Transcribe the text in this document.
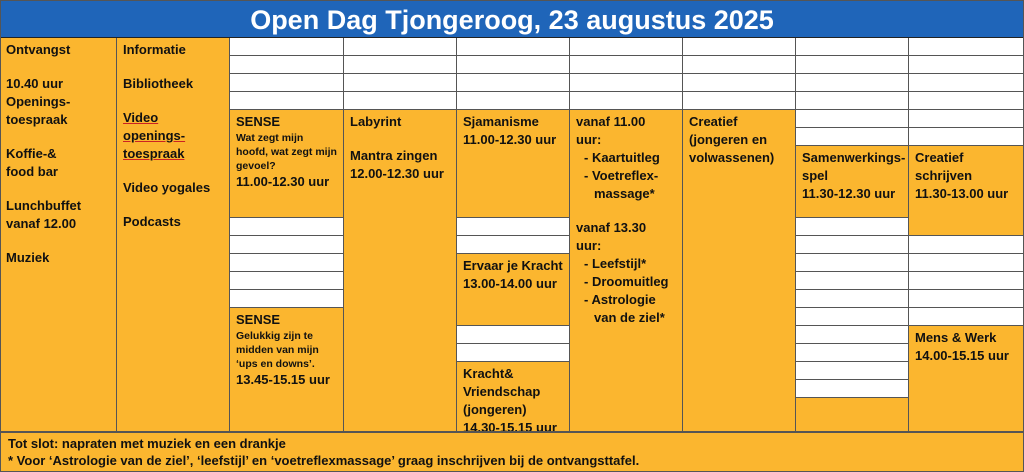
Open Dag Tjongeroog, 23 augustus 2025
Ontvangst
10.40 uur
Openings-
toespraak
Koffie-&
food bar
Lunchbuffet
vanaf 12.00
Muziek
Informatie
Bibliotheek
Video openings-
toespraak
Video yogales
Podcasts
SENSE
Wat zegt mijn
hoofd, wat zegt mijn
gevoel?
11.00-12.30 uur
SENSE
Gelukkig zijn te
midden van mijn
‘ups en downs’.
13.45-15.15 uur
Labyrint
Mantra zingen
12.00-12.30 uur
Sjamanisme
11.00-12.30 uur
Ervaar je Kracht
13.00-14.00 uur
Kracht&
Vriendschap
(jongeren)
14.30-15.15 uur
vanaf 11.00
uur:
- Kaartuitleg
- Voetreflex-
massage*
vanaf 13.30
uur:
- Leefstijl*
- Droomuitleg
- Astrologie
van de ziel*
Creatief
(jongeren en
volwassenen)	Samenwerkings-
spel
11.30-12.30 uur
Creatief
schrijven
11.30-13.00 uur
Mens & Werk
14.00-15.15 uur
Tot slot: napraten met muziek en een drankje
* Voor ‘Astrologie van de ziel’, ‘leefstijl’ en ‘voetreflexmassage’ graag inschrijven bij de ontvangsttafel.
